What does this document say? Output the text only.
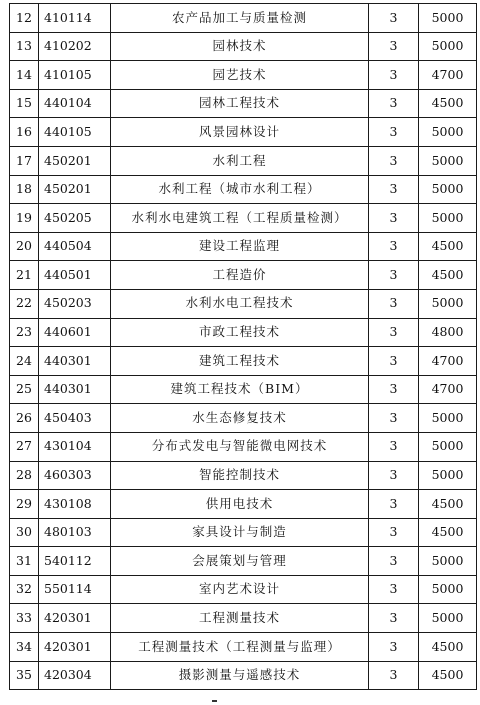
12	410114	农产品加工与质量检测	3	5000
13	410202	园林技术	3	5000
14	410105	园艺技术	3	4700
15	440104	园林工程技术	3	4500
16	440105	风景园林设计	3	5000
17	450201	水利工程	3	5000
18	450201	水利工程（城市水利工程）	3	5000
19	450205	水利水电建筑工程（工程质量检测）	3	5000
20	440504	建设工程监理	3	4500
21	440501	工程造价	3	4500
22	450203	水利水电工程技术	3	5000
23	440601	市政工程技术	3	4800
24	440301	建筑工程技术	3	4700
25	440301	建筑工程技术（BIM）	3	4700
26	450403	水生态修复技术	3	5000
27	430104	分布式发电与智能微电网技术	3	5000
28	460303	智能控制技术	3	5000
29	430108	供用电技术	3	4500
30	480103	家具设计与制造	3	4500
31	540112	会展策划与管理	3	5000
32	550114	室内艺术设计	3	5000
33	420301	工程测量技术	3	5000
34	420301	工程测量技术（工程测量与监理）	3	4500
35	420304	摄影测量与遥感技术	3	4500
